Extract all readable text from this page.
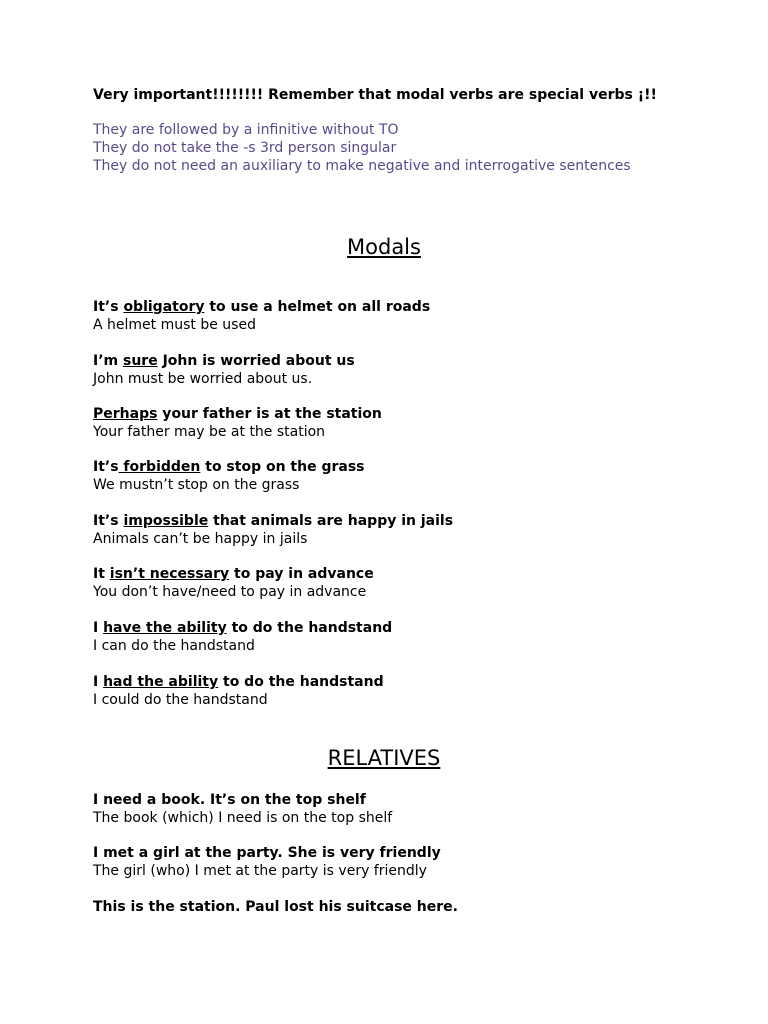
Very important!!!!!!!! Remember that modal verbs are special verbs ¡!!
They are followed by a infinitive without TO
They do not take the -s 3rd person singular
They do not need an auxiliary to make negative and interrogative sentences
Modals
It’s obligatory to use a helmet on all roads
A helmet must be used
I’m sure John is worried about us
John must be worried about us.
Perhaps your father is at the station
Your father may be at the station
It’s forbidden to stop on the grass
We mustn’t stop on the grass
It’s impossible that animals are happy in jails
Animals can’t be happy in jails
It isn’t necessary to pay in advance
You don’t have/need to pay in advance
I have the ability to do the handstand
I can do the handstand
I had the ability to do the handstand
I could do the handstand
RELATIVES
I need a book. It’s on the top shelf
The book (which) I need is on the top shelf
I met a girl at the party. She is very friendly
The girl (who) I met at the party is very friendly
This is the station. Paul lost his suitcase here.
